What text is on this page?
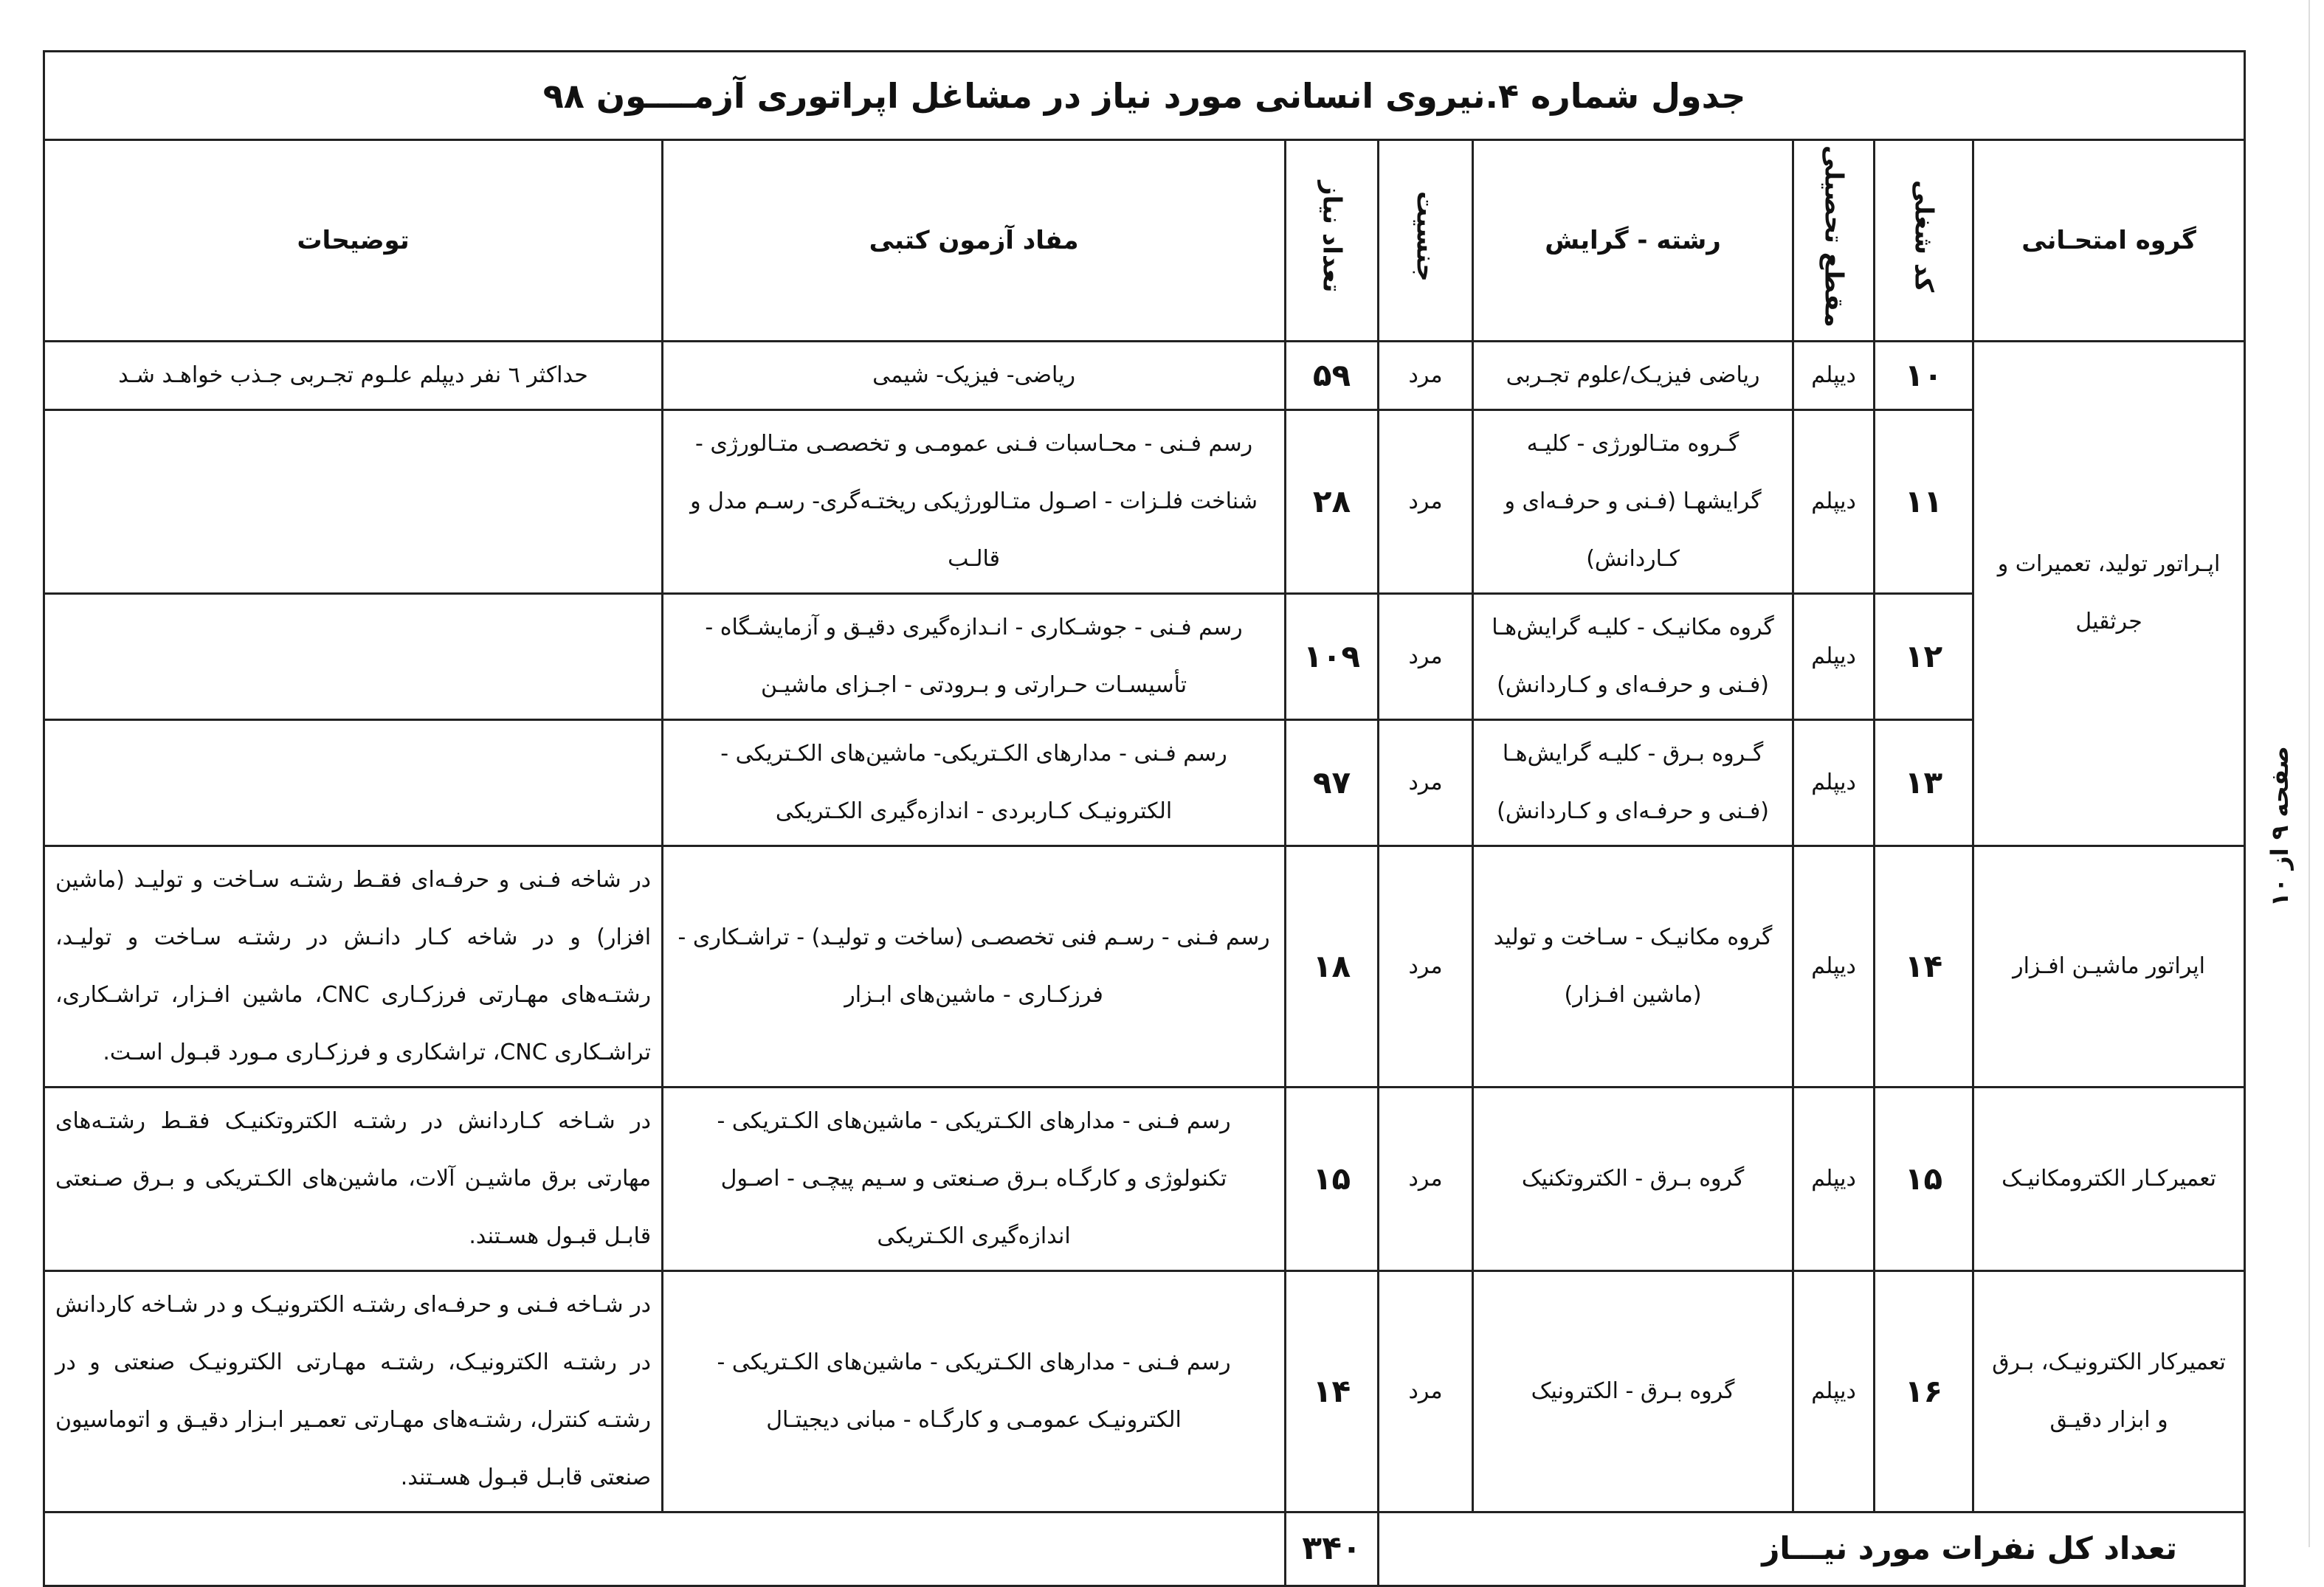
جدول شماره ۴.نیروی انسانی مورد نیاز در مشاغل اپراتوری آزمــــون ۹۸							
گروه امتحـانی	کد شغلی	مقطع تحصیلی	رشته - گرایش	جنسیت	تعداد نیاز	مفاد آزمون کتبی	توضیحات
اپـراتور تولید، تعمیرات و جرثقیل	۱۰	دیپلم	ریاضی فیزیـک/علوم تجـربی	مرد	۵۹	ریاضی- فیزیک- شیمی	حداکثر ٦ نفر دیپلم علـوم تجـربی جـذب خواهـد شـد
	۱۱	دیپلم	گـروه متـالورژی - کلیـه گرایشهـا (فـنی و حرفـه‌ای و کـاردانش)	مرد	۲۸	رسم فـنی - محـاسبات فـنی عمومـی و تخصصـی متـالورژی - شناخت فلـزات - اصـول متـالورژیکی ریختـه‌گری- رسـم مدل و قالـب	
	۱۲	دیپلم	گروه مکانیـک - کلیـه گرایش‌هـا (فـنی و حرفـه‌ای و کـاردانش)	مرد	۱۰۹	رسم فـنی - جوشـکاری - انـدازه‌گیری دقیـق و آزمایشـگاه - تأسیسـات حـرارتی و بـرودتی - اجـزای ماشیـن	
	۱۳	دیپلم	گـروه بـرق - کلیـه گرایش‌هـا (فـنی و حرفـه‌ای و کـاردانش)	مرد	۹۷	رسم فـنی - مدارهای الکـتریکی- ماشین‌های الکـتریکی - الکترونیـک کـاربردی - اندازه‌گیری الکـتریکی	
اپراتور ماشیـن افـزار	۱۴	دیپلم	گروه مکانیـک - سـاخت و تولید (ماشین افـزار)	مرد	۱۸	رسم فـنی - رسـم فنی تخصصـی (ساخت و تولیـد) - تراشـکاری - فرزکـاری - ماشین‌های ابـزار	در شاخه فـنی و حرفـه‌ای فقـط رشتـه سـاخت و تولیـد (ماشین افزار) و در شاخه کـار دانـش در رشتـه سـاخت و تولیـد، رشتـه‌های مهـارتی فرزکـاری CNC، ماشین افـزار، تراشـکاری، تراشـکاری CNC، تراشکاری و فرزکـاری مـورد قبـول اسـت.
تعمیرکـار الکترومکانیـک	۱۵	دیپلم	گروه بـرق - الکتروتکنیک	مرد	۱۵	رسم فـنی - مدارهای الکـتریکی - ماشین‌های الکـتریکی - تکنولوژی و کارگـاه بـرق صـنعتی و سـیم پیچـی - اصـول اندازه‌گیری الکـتریکی	در شـاخه کـاردانش در رشتـه الکتروتکنیـک فقـط رشتـه‌های مهارتی برق ماشیـن آلات، ماشین‌های الکـتریکی و بـرق صـنعتی قابـل قبـول هسـتند.
تعمیرکار الکترونیـک، بـرق و ابزار دقیـق	۱۶	دیپلم	گروه بـرق - الکترونیک	مرد	۱۴	رسم فـنی - مدارهای الکـتریکی - ماشین‌های الکـتریکی - الکترونیـک عمومـی و کارگـاه - مبانی دیجیتـال	در شـاخه فـنی و حرفـه‌ای رشتـه الکترونیـک و در شـاخه کاردانش در رشتـه الکترونیـک، رشتـه مهـارتی الکترونیـک صنعتی و در رشتـه کنترل، رشتـه‌های مهـارتی تعمـیر ابـزار دقیـق و اتوماسیون صنعتی قابـل قبـول هسـتند.
تعداد کل نفرات مورد نیـــاز					۳۴۰		
صفحه ۹ از ۱۰
